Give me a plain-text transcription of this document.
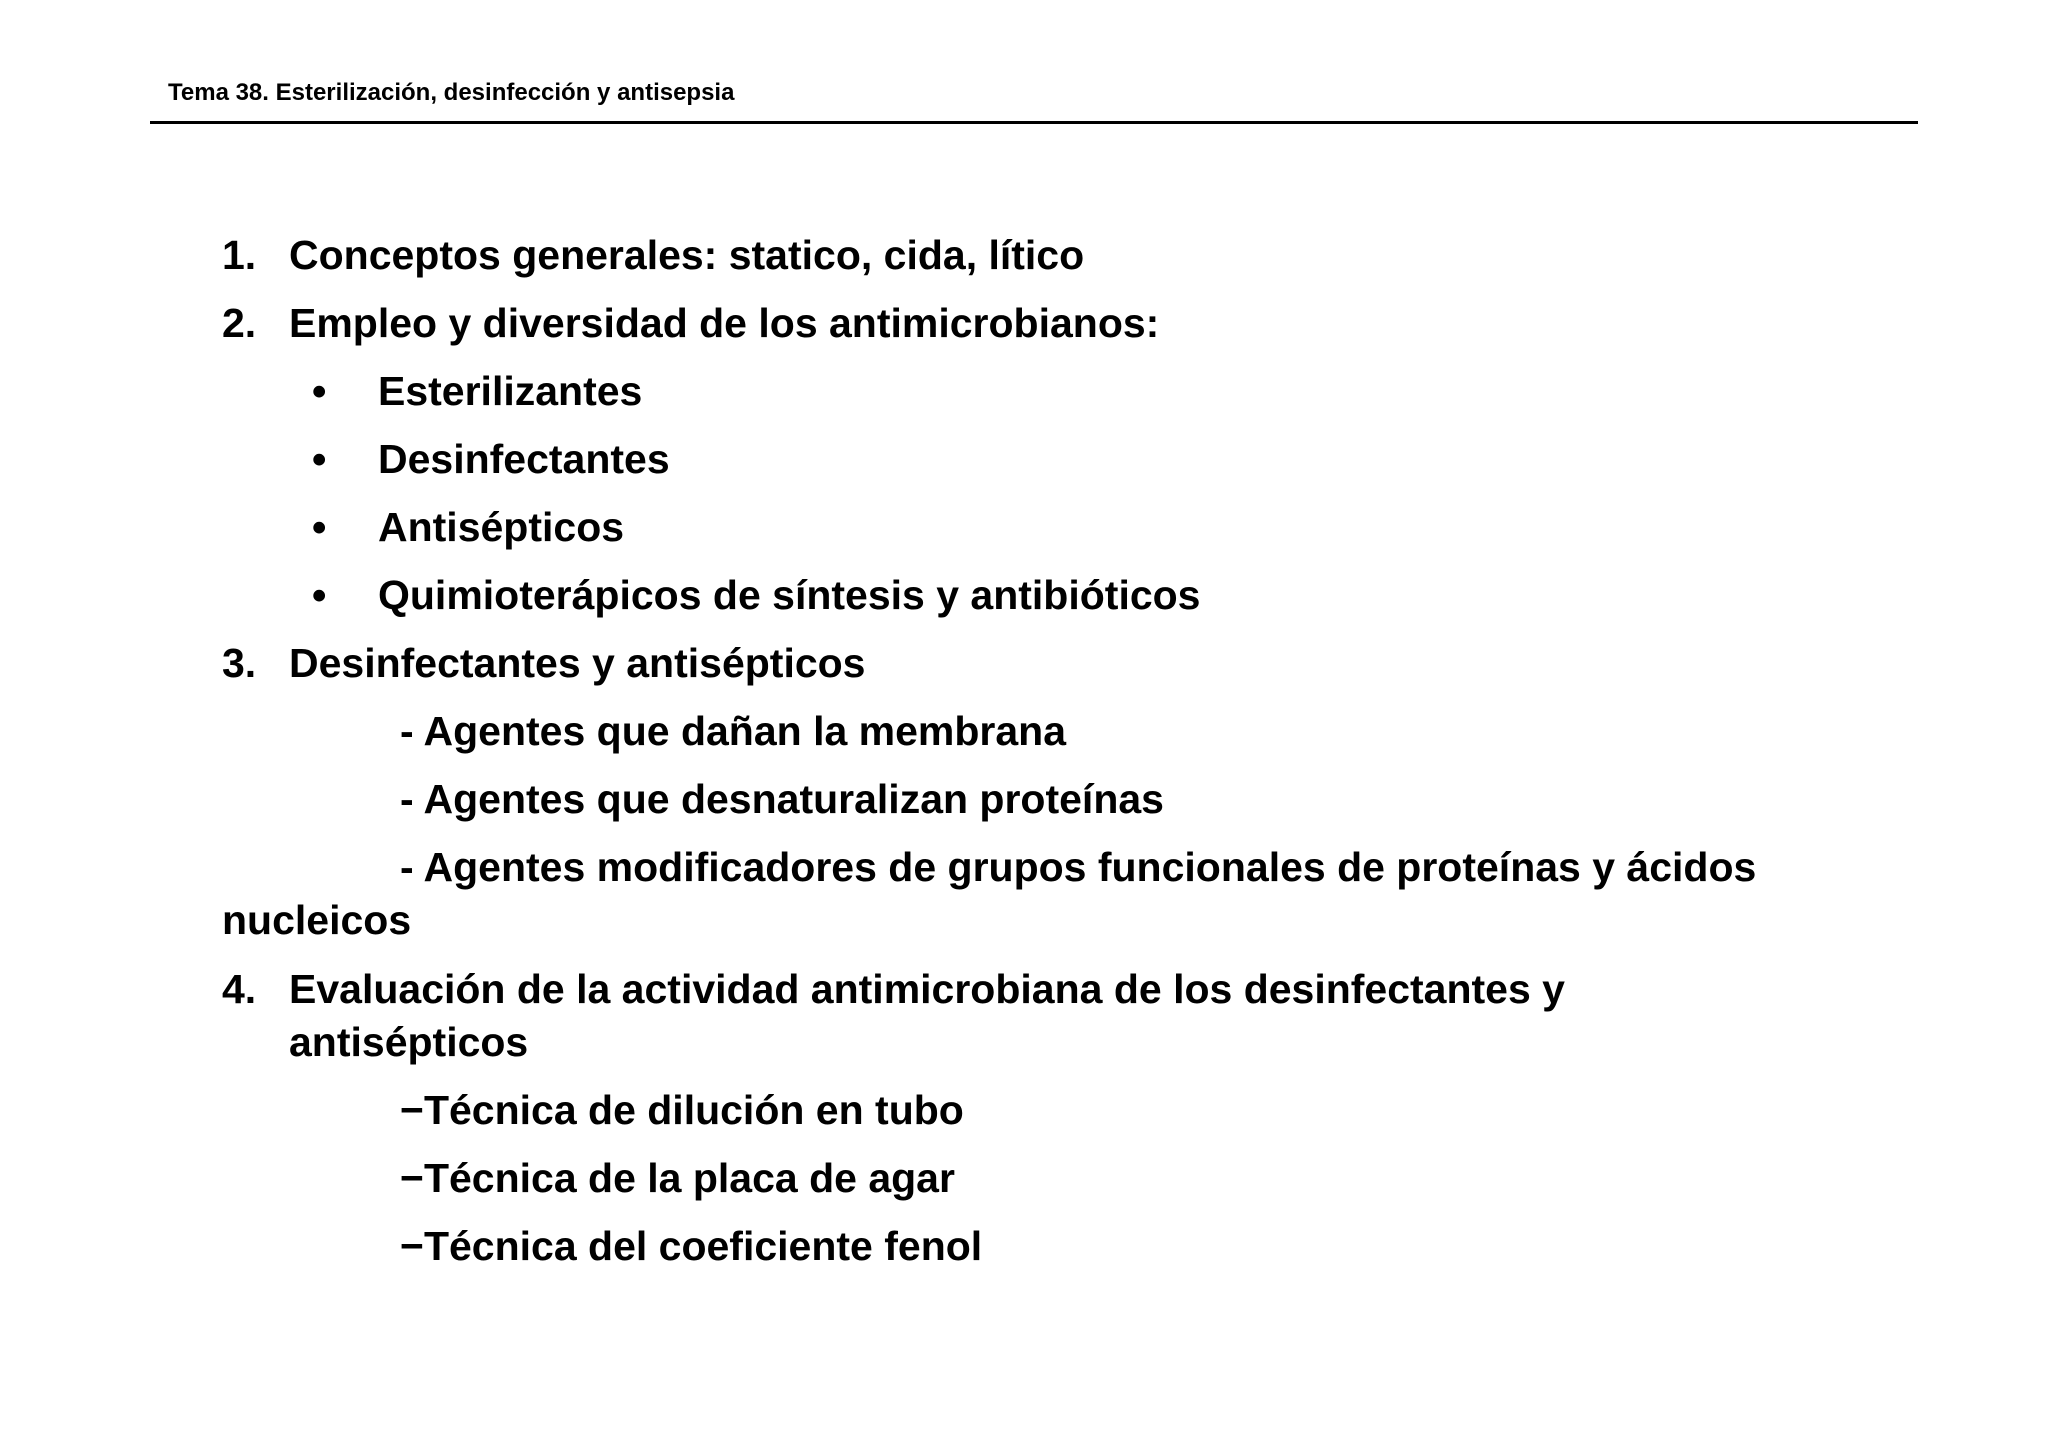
Tema 38. Esterilización, desinfección y antisepsia
1. Conceptos generales: statico, cida, lítico
2. Empleo y diversidad de los antimicrobianos:
• Esterilizantes
• Desinfectantes
• Antisépticos
• Quimioterápicos de síntesis y antibióticos
3. Desinfectantes y antisépticos
- Agentes que dañan la membrana
- Agentes que desnaturalizan proteínas
- Agentes modificadores de grupos funcionales de proteínas y ácidos
nucleicos
4. Evaluación de la actividad antimicrobiana de los desinfectantes y
antisépticos
−Técnica de dilución en tubo
−Técnica de la placa de agar
−Técnica del coeficiente fenol
